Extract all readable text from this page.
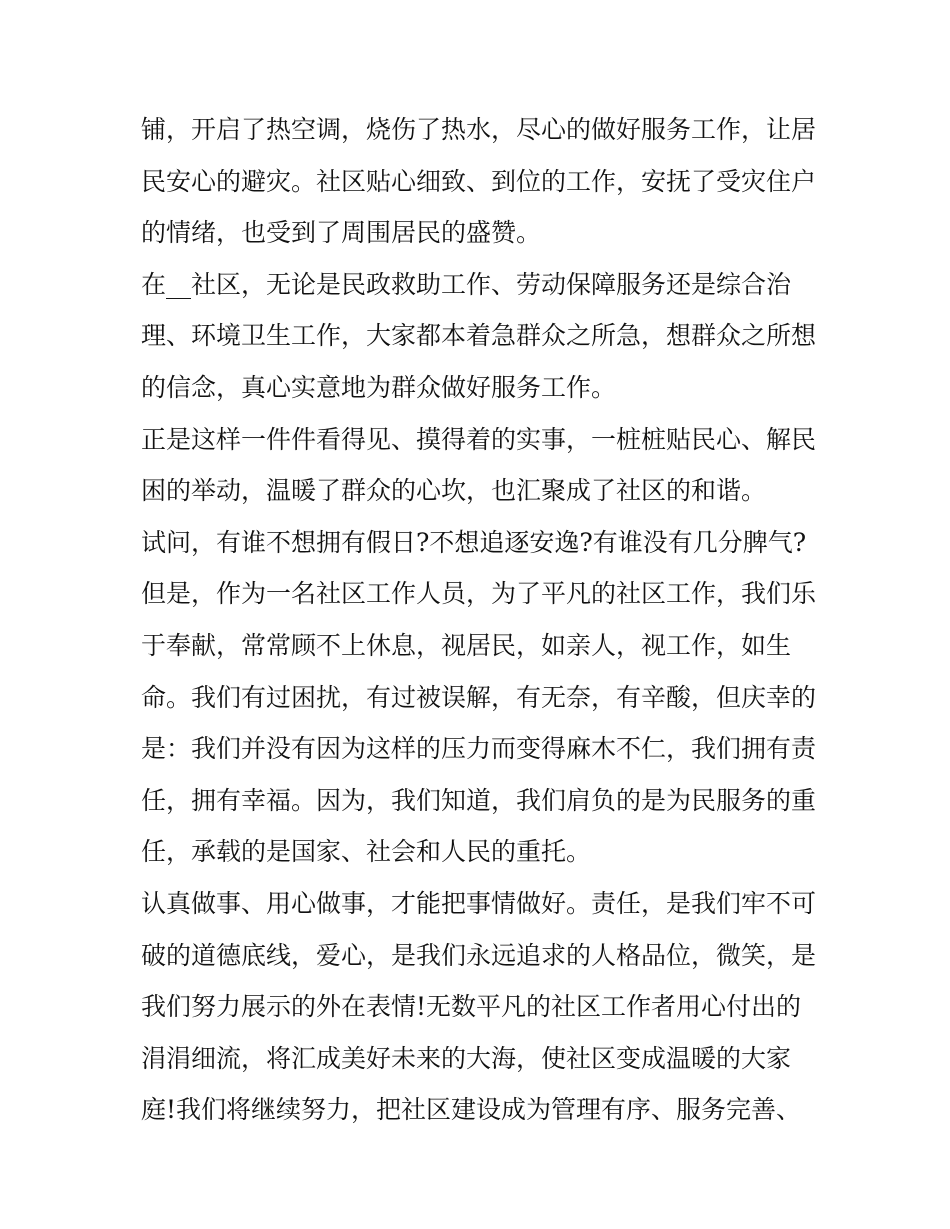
铺，开启了热空调，烧伤了热水，尽心的做好服务工作，让居
民安心的避灾。社区贴心细致、到位的工作，安抚了受灾住户
的情绪，也受到了周围居民的盛赞。
在__社区，无论是民政救助工作、劳动保障服务还是综合治
理、环境卫生工作，大家都本着急群众之所急，想群众之所想
的信念，真心实意地为群众做好服务工作。
正是这样一件件看得见、摸得着的实事，一桩桩贴民心、解民
困的举动，温暖了群众的心坎，也汇聚成了社区的和谐。
试问，有谁不想拥有假日?不想追逐安逸?有谁没有几分脾气?
但是，作为一名社区工作人员，为了平凡的社区工作，我们乐
于奉献，常常顾不上休息，视居民，如亲人，视工作，如生
命。我们有过困扰，有过被误解，有无奈，有辛酸，但庆幸的
是：我们并没有因为这样的压力而变得麻木不仁，我们拥有责
任，拥有幸福。因为，我们知道，我们肩负的是为民服务的重
任，承载的是国家、社会和人民的重托。
认真做事、用心做事，才能把事情做好。责任，是我们牢不可
破的道德底线，爱心，是我们永远追求的人格品位，微笑，是
我们努力展示的外在表情!无数平凡的社区工作者用心付出的
涓涓细流，将汇成美好未来的大海，使社区变成温暖的大家
庭!我们将继续努力，把社区建设成为管理有序、服务完善、
